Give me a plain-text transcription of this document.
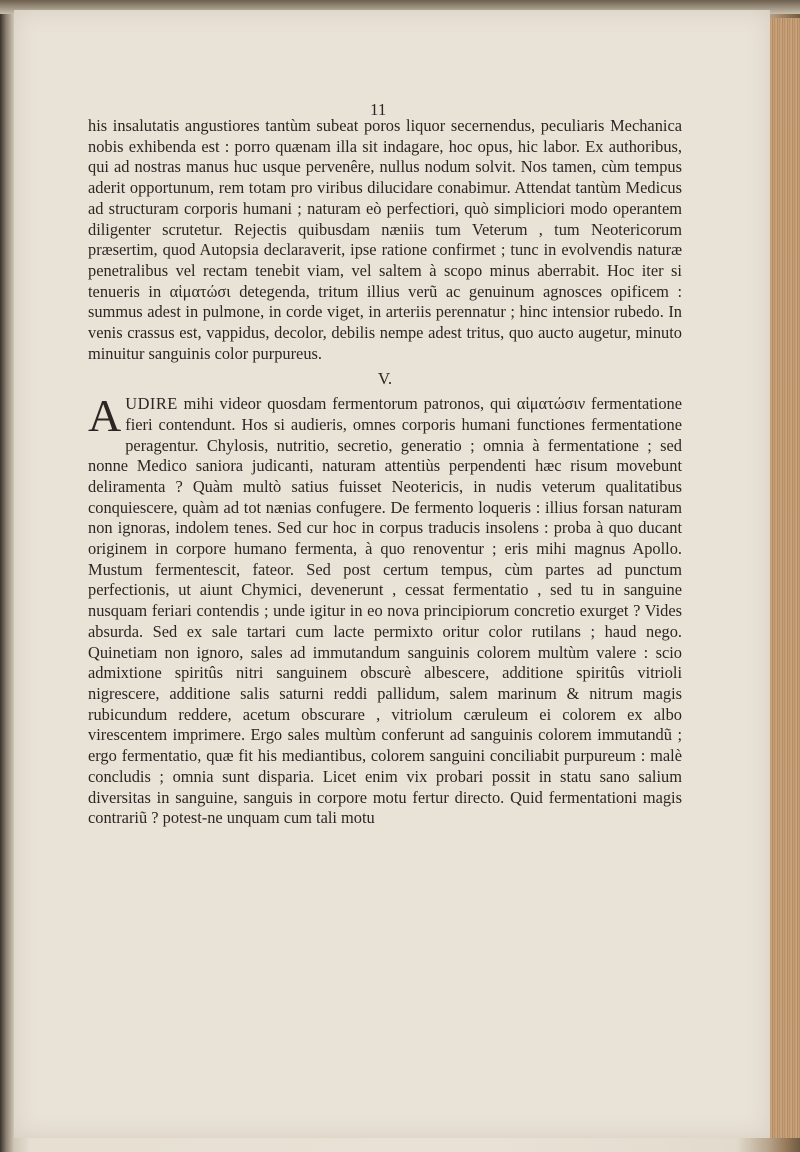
11

his insalutatis angustiores tantùm subeat poros liquor secernendus, peculiaris Mechanica nobis exhibenda est : porro quænam illa sit indagare, hoc opus, hic labor. Ex authoribus, qui ad nostras manus huc usque pervenêre, nullus nodum solvit. Nos tamen, cùm tempus aderit opportunum, rem totam pro viribus dilucidare conabimur. Attendat tantùm Medicus ad structuram corporis humani ; naturam eò perfectiori, quò simpliciori modo operantem diligenter scrutetur. Rejectis quibusdam næniis tum Veterum , tum Neotericorum præsertim, quod Autopsia declaraverit, ipse ratione confirmet ; tunc in evolvendis naturæ penetralibus vel rectam tenebit viam, vel saltem à scopo minus aberrabit. Hoc iter si tenueris in αἱματώσι detegenda, tritum illius verũ ac genuinum agnosces opificem : summus adest in pulmone, in corde viget, in arteriis perennatur ; hinc intensior rubedo. In venis crassus est, vappidus, decolor, debilis nempe adest tritus, quo aucto augetur, minuto minuitur sanguinis color purpureus.

V.

AUDIRE mihi videor quosdam fermentorum patronos, qui αἱματώσιν fermentatione fieri contendunt. Hos si audieris, omnes corporis humani functiones fermentatione peragentur. Chylosis, nutritio, secretio, generatio ; omnia à fermentatione ; sed nonne Medico saniora judicanti, naturam attentiùs perpendenti hæc risum movebunt deliramenta ? Quàm multò satius fuisset Neotericis, in nudis veterum qualitatibus conquiescere, quàm ad tot nænias confugere. De fermento loqueris : illius forsan naturam non ignoras, indolem tenes. Sed cur hoc in corpus traducis insolens : proba à quo ducant originem in corpore humano fermenta, à quo renoventur ; eris mihi magnus Apollo. Mustum fermentescit, fateor. Sed post certum tempus, cùm partes ad punctum perfectionis, ut aiunt Chymici, devenerunt , cessat fermentatio , sed tu in sanguine nusquam feriari contendis ; unde igitur in eo nova principiorum concretio exurget ? Vides absurda. Sed ex sale tartari cum lacte permixto oritur color rutilans ; haud nego. Quinetiam non ignoro, sales ad immutandum sanguinis colorem multùm valere : scio admixtione spiritûs nitri sanguinem obscurè albescere, additione spiritûs vitrioli nigrescere, additione salis saturni reddi pallidum, salem marinum & nitrum magis rubicundum reddere, acetum obscurare , vitriolum cæruleum ei colorem ex albo virescentem imprimere. Ergo sales multùm conferunt ad sanguinis colorem immutandũ ; ergo fermentatio, quæ fit his mediantibus, colorem sanguini conciliabit purpureum : malè concludis ; omnia sunt disparia. Licet enim vix probari possit in statu sano salium diversitas in sanguine, sanguis in corpore motu fertur directo. Quid fermentationi magis contrariũ ? potest-ne unquam cum tali motu
